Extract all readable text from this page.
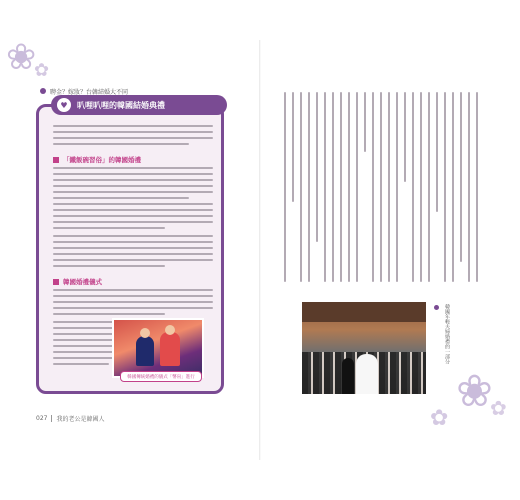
❀
✿
❀
✿ ✿
聘金？嫁妝？台韓結婚大不同
♥	叭哩叭哩的韓國結婚典禮
「鐵飯碗習俗」的韓國婚禮
韓國婚禮儀式
韓國傳統婚禮的儀式「幣帛」進行
027 我的老公是韓國人
韓國年輕夫婦婚禮的一部分
